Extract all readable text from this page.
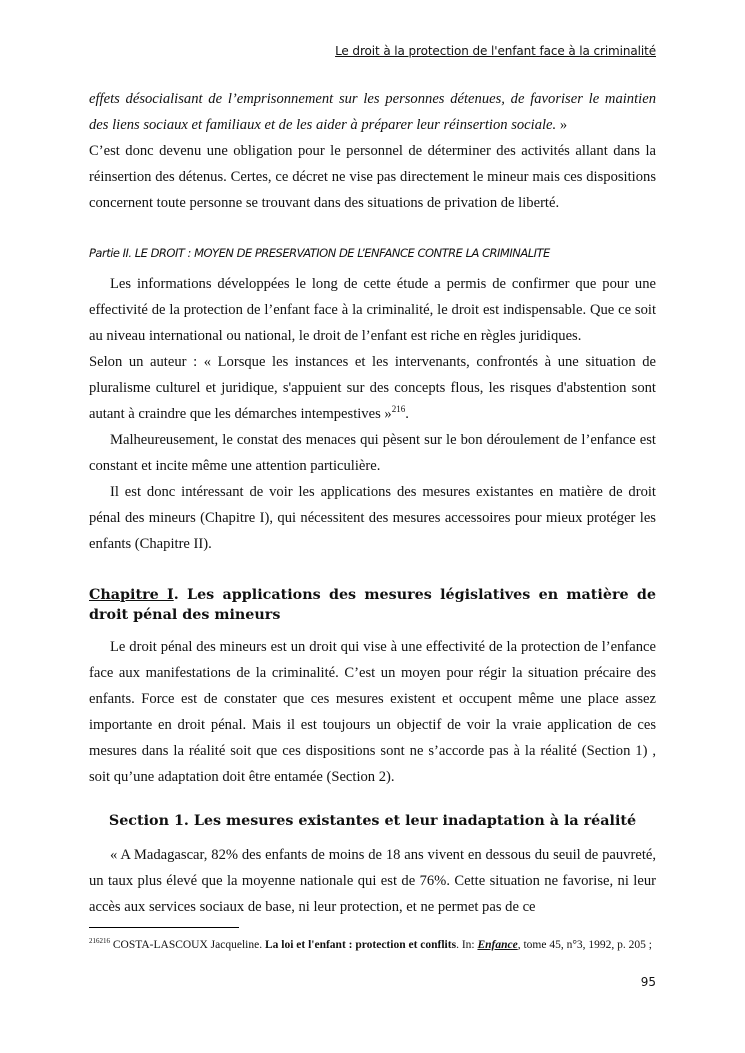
Le droit à la protection de l'enfant face à la criminalité

effets désocialisant de l’emprisonnement sur les personnes détenues, de favoriser le maintien des liens sociaux et familiaux et de les aider à préparer leur réinsertion sociale. »

C’est donc devenu une obligation pour le personnel de déterminer des activités allant dans la réinsertion des détenus. Certes, ce décret ne vise pas directement le mineur mais ces dispositions concernent toute personne se trouvant dans des situations de privation de liberté.

Partie II. LE DROIT : MOYEN DE PRESERVATION DE L’ENFANCE CONTRE LA CRIMINALITE

Les informations développées le long de cette étude a permis de confirmer que pour une effectivité de la protection de l’enfant face à la criminalité, le droit est indispensable. Que ce soit au niveau international ou national, le droit de l’enfant est riche en règles juridiques.

Selon un auteur : « Lorsque les instances et les intervenants, confrontés à une situation de pluralisme culturel et juridique, s'appuient sur des concepts flous, les risques d'abstention sont autant à craindre que les démarches intempestives »$^{216}$.

Malheureusement, le constat des menaces qui pèsent sur le bon déroulement de l’enfance est constant et incite même une attention particulière.

Il est donc intéressant de voir les applications des mesures existantes en matière de droit pénal des mineurs (Chapitre I), qui nécessitent des mesures accessoires pour mieux protéger les enfants (Chapitre II).

Chapitre I. Les applications des mesures législatives en matière de droit pénal des mineurs

Le droit pénal des mineurs est un droit qui vise à une effectivité de la protection de l’enfance face aux manifestations de la criminalité. C’est un moyen pour régir la situation précaire des enfants. Force est de constater que ces mesures existent et occupent même une place assez importante en droit pénal. Mais il est toujours un objectif de voir la vraie application de ces mesures dans la réalité soit que ces dispositions sont ne s’accorde pas à la réalité (Section 1) , soit qu’une adaptation doit être entamée (Section 2).

Section 1. Les mesures existantes et leur inadaptation à la réalité

« A Madagascar, 82% des enfants de moins de 18 ans vivent en dessous du seuil de pauvreté, un taux plus élevé que la moyenne nationale qui est de 76%. Cette situation ne favorise, ni leur accès aux services sociaux de base, ni leur protection, et ne permet pas de ce

$^{216216}$ COSTA-LASCOUX Jacqueline. La loi et l'enfant : protection et conflits. In: Enfance, tome 45, n°3, 1992, p. 205 ;
95
